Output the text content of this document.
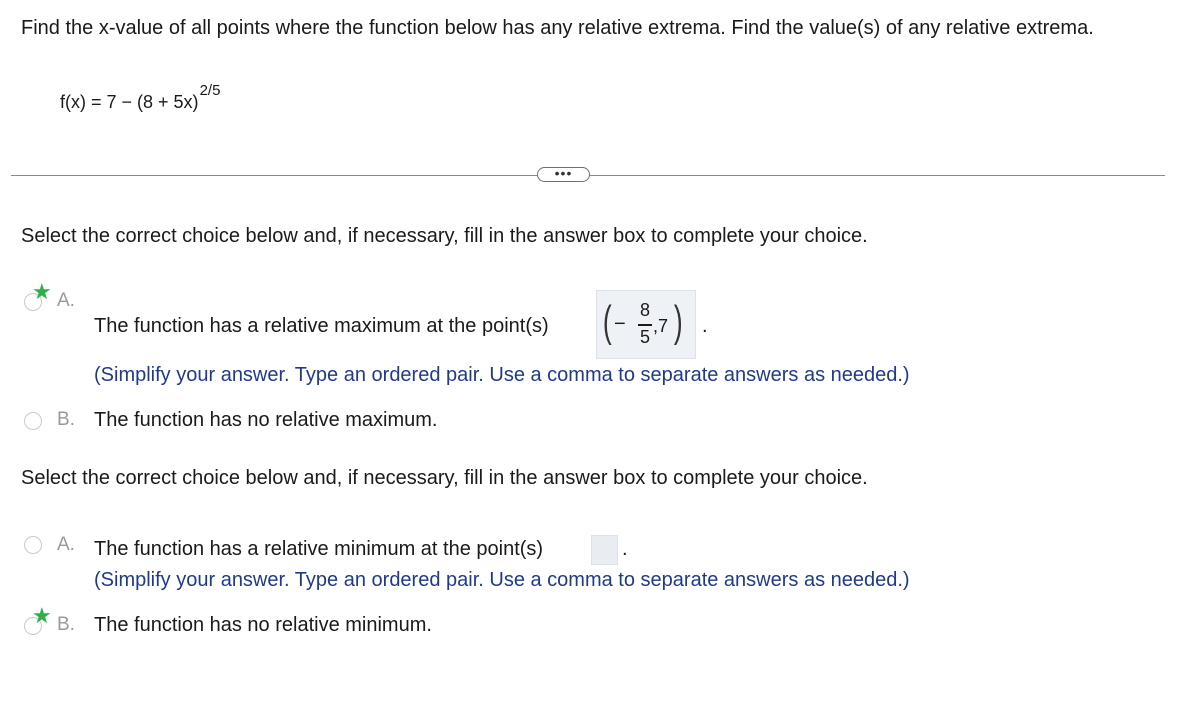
Find the x-value of all points where the function below has any relative extrema. Find the value(s) of any relative extrema.
$f(x) = 7 - (8 + 5x)^{2/5}$
•••
Select the correct choice below and, if necessary, fill in the answer box to complete your choice.
★ A.
The function has a relative maximum at the point(s) ( −
8
5
,7 ) .
(Simplify your answer. Type an ordered pair. Use a comma to separate answers as needed.)
B. The function has no relative maximum.
Select the correct choice below and, if necessary, fill in the answer box to complete your choice.
A. The function has a relative minimum at the point(s)	.
(Simplify your answer. Type an ordered pair. Use a comma to separate answers as needed.)
★ B. The function has no relative minimum.
